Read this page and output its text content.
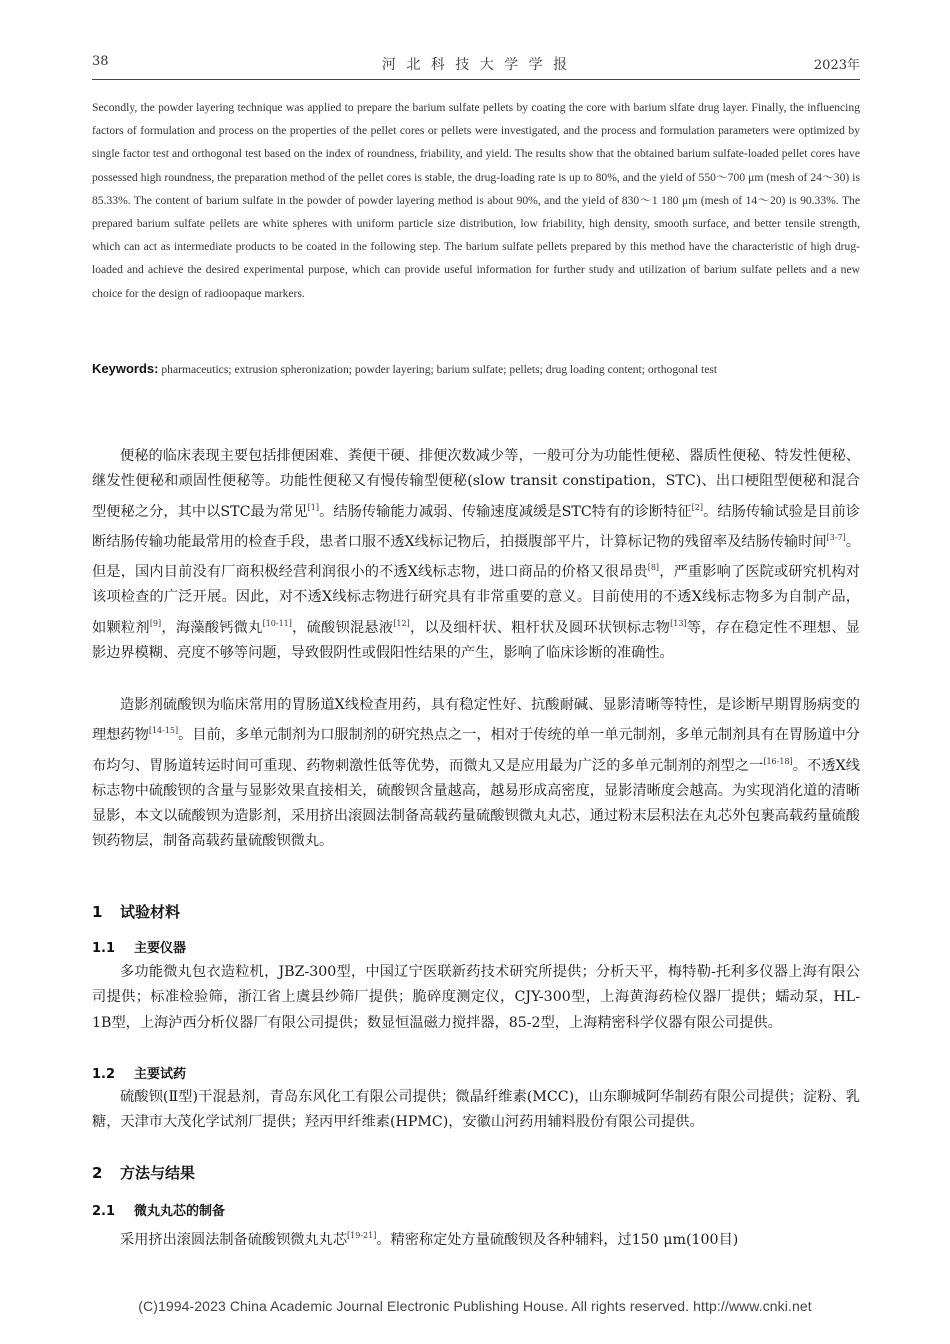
38	河 北 科 技 大 学 学 报	2023年

Secondly, the powder layering technique was applied to prepare the barium sulfate pellets by coating the core with barium slfate drug layer. Finally, the influencing factors of formulation and process on the properties of the pellet cores or pellets were investigated, and the process and formulation parameters were optimized by single factor test and orthogonal test based on the index of roundness, friability, and yield. The results show that the obtained barium sulfate-loaded pellet cores have possessed high roundness, the preparation method of the pellet cores is stable, the drug-loading rate is up to 80%, and the yield of 550～700 μm (mesh of 24～30) is 85.33%. The content of barium sulfate in the powder of powder layering method is about 90%, and the yield of 830～1 180 μm (mesh of 14～20) is 90.33%. The prepared barium sulfate pellets are white spheres with uniform particle size distribution, low friability, high density, smooth surface, and better tensile strength, which can act as intermediate products to be coated in the following step. The barium sulfate pellets prepared by this method have the characteristic of high drug-loaded and achieve the desired experimental purpose, which can provide useful information for further study and utilization of barium sulfate pellets and a new choice for the design of radioopaque markers.

Keywords: pharmaceutics; extrusion spheronization; powder layering; barium sulfate; pellets; drug loading content; orthogonal test
便秘的临床表现主要包括排便困难、粪便干硬、排便次数减少等，一般可分为功能性便秘、器质性便秘、特发性便秘、继发性便秘和顽固性便秘等。功能性便秘又有慢传输型便秘(slow transit constipation，STC)、出口梗阻型便秘和混合型便秘之分，其中以STC最为常见[1]。结肠传输能力减弱、传输速度减缓是STC特有的诊断特征[2]。结肠传输试验是目前诊断结肠传输功能最常用的检查手段，患者口服不透X线标记物后，拍摄腹部平片，计算标记物的残留率及结肠传输时间[3-7]。但是，国内目前没有厂商积极经营利润很小的不透X线标志物，进口商品的价格又很昂贵[8]，严重影响了医院或研究机构对该项检查的广泛开展。因此，对不透X线标志物进行研究具有非常重要的意义。目前使用的不透X线标志物多为自制产品，如颗粒剂[9]，海藻酸钙微丸[10-11]，硫酸钡混悬液[12]，以及细杆状、粗杆状及圆环状钡标志物[13]等，存在稳定性不理想、显影边界模糊、亮度不够等问题，导致假阴性或假阳性结果的产生，影响了临床诊断的准确性。
造影剂硫酸钡为临床常用的胃肠道X线检查用药，具有稳定性好、抗酸耐碱、显影清晰等特性，是诊断早期胃肠病变的理想药物[14-15]。目前，多单元制剂为口服制剂的研究热点之一，相对于传统的单一单元制剂，多单元制剂具有在胃肠道中分布均匀、胃肠道转运时间可重现、药物刺激性低等优势，而微丸又是应用最为广泛的多单元制剂的剂型之一[16-18]。不透X线标志物中硫酸钡的含量与显影效果直接相关，硫酸钡含量越高，越易形成高密度，显影清晰度会越高。为实现消化道的清晰显影，本文以硫酸钡为造影剂，采用挤出滚圆法制备高载药量硫酸钡微丸丸芯，通过粉末层积法在丸芯外包裹高载药量硫酸钡药物层，制备高载药量硫酸钡微丸。
1 试验材料
1.1 主要仪器
多功能微丸包衣造粒机，JBZ-300型，中国辽宁医联新药技术研究所提供；分析天平，梅特勒-托利多仪器上海有限公司提供；标准检验筛，浙江省上虞县纱筛厂提供；脆碎度测定仪，CJY-300型，上海黄海药检仪器厂提供；蠕动泵，HL-1B型，上海泸西分析仪器厂有限公司提供；数显恒温磁力搅拌器，85-2型，上海精密科学仪器有限公司提供。
1.2 主要试药
硫酸钡(Ⅱ型)干混悬剂，青岛东风化工有限公司提供；微晶纤维素(MCC)，山东聊城阿华制药有限公司提供；淀粉、乳糖，天津市大茂化学试剂厂提供；羟丙甲纤维素(HPMC)，安徽山河药用辅料股份有限公司提供。
2 方法与结果
2.1 微丸丸芯的制备
采用挤出滚圆法制备硫酸钡微丸丸芯[19-21]。精密称定处方量硫酸钡及各种辅料，过150 μm(100目)
(C)1994-2023 China Academic Journal Electronic Publishing House. All rights reserved. http://www.cnki.net
